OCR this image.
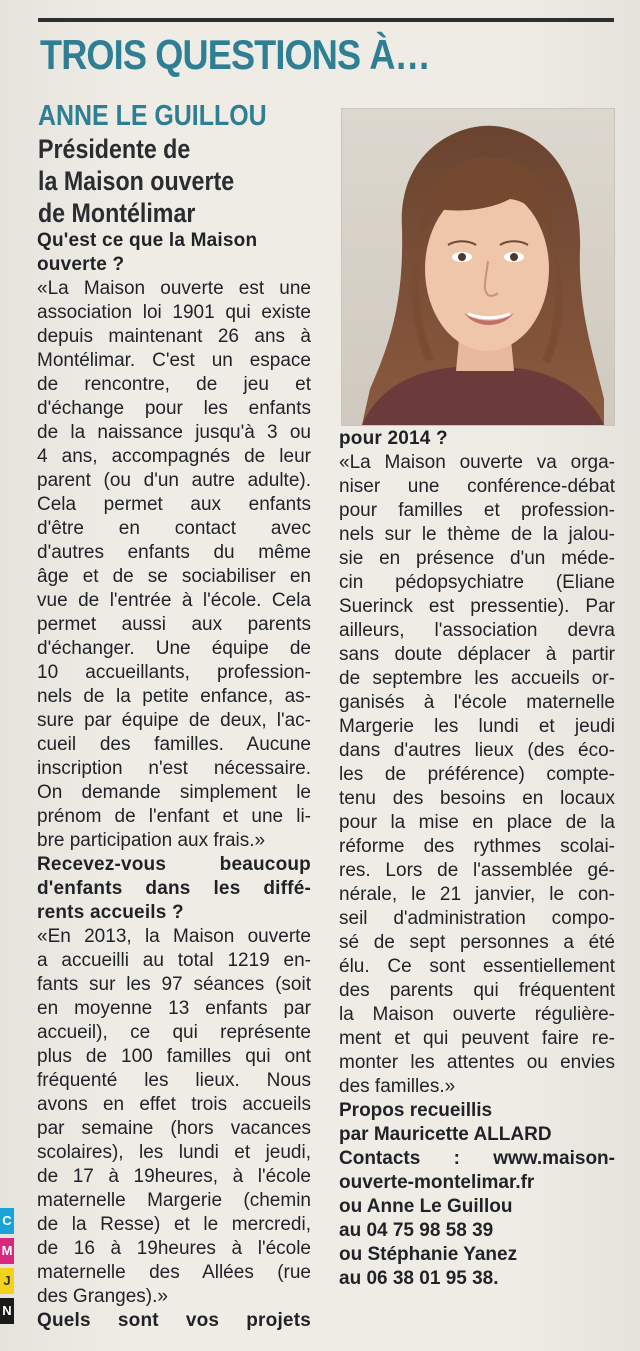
TROIS QUESTIONS À…
ANNE LE GUILLOU
Présidente de
la Maison ouverte
de Montélimar
Qu'est ce que la Maison
ouverte ?

«La Maison ouverte est une
association loi 1901 qui existe
depuis maintenant 26 ans à
Montélimar. C'est un espace
de rencontre, de jeu et
d'échange pour les enfants
de la naissance jusqu'à 3 ou
4 ans, accompagnés de leur
parent (ou d'un autre adulte).
Cela permet aux enfants
d'être en contact avec
d'autres enfants du même
âge et de se sociabiliser en
vue de l'entrée à l'école. Cela
permet aussi aux parents
d'échanger. Une équipe de
10 accueillants, profession-
nels de la petite enfance, as-
sure par équipe de deux, l'ac-
cueil des familles. Aucune
inscription n'est nécessaire.
On demande simplement le
prénom de l'enfant et une li-
bre participation aux frais.»

Recevez-vous beaucoup
d'enfants dans les diffé-
rents accueils ?

«En 2013, la Maison ouverte
a accueilli au total 1219 en-
fants sur les 97 séances (soit
en moyenne 13 enfants par
accueil), ce qui représente
plus de 100 familles qui ont
fréquenté les lieux. Nous
avons en effet trois accueils
par semaine (hors vacances
scolaires), les lundi et jeudi,
de 17 à 19heures, à l'école
maternelle Margerie (chemin
de la Resse) et le mercredi,
de 16 à 19heures à l'école
maternelle des Allées (rue
des Granges).»

Quels sont vos projets
pour 2014 ?

«La Maison ouverte va orga-
niser une conférence-débat
pour familles et profession-
nels sur le thème de la jalou-
sie en présence d'un méde-
cin pédopsychiatre (Eliane
Suerinck est pressentie). Par
ailleurs, l'association devra
sans doute déplacer à partir
de septembre les accueils or-
ganisés à l'école maternelle
Margerie les lundi et jeudi
dans d'autres lieux (des éco-
les de préférence) compte-
tenu des besoins en locaux
pour la mise en place de la
réforme des rythmes scolai-
res. Lors de l'assemblée gé-
nérale, le 21 janvier, le con-
seil d'administration compo-
sé de sept personnes a été
élu. Ce sont essentiellement
des parents qui fréquentent
la Maison ouverte régulière-
ment et qui peuvent faire re-
monter les attentes ou envies
des familles.»

Propos recueillis
par Mauricette ALLARD

Contacts : www.maison-
ouverte-montelimar.fr
ou Anne Le Guillou
au 04 75 98 58 39
ou Stéphanie Yanez
au 06 38 01 95 38.

C
M
J
N
